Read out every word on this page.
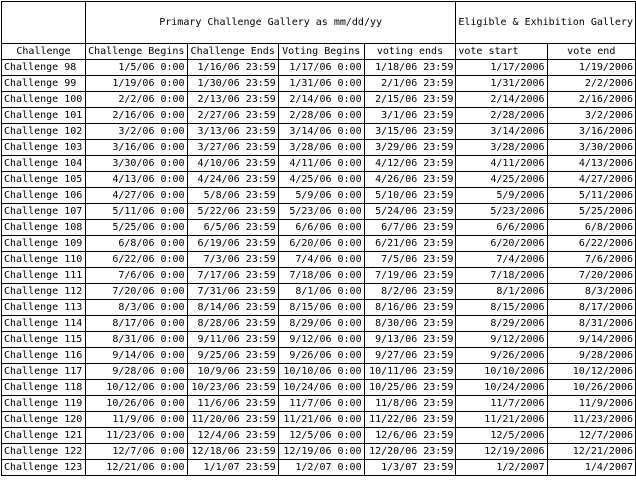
	Primary Challenge Gallery as mm/dd/yy				Eligible & Exhibition Gallery	
Challenge	Challenge Begins	Challenge Ends	Voting Begins	voting ends	vote start	vote end
Challenge 98	1/5/06 0:00	1/16/06 23:59	1/17/06 0:00	1/18/06 23:59	1/17/2006	1/19/2006
Challenge 99	1/19/06 0:00	1/30/06 23:59	1/31/06 0:00	2/1/06 23:59	1/31/2006	2/2/2006
Challenge 100	2/2/06 0:00	2/13/06 23:59	2/14/06 0:00	2/15/06 23:59	2/14/2006	2/16/2006
Challenge 101	2/16/06 0:00	2/27/06 23:59	2/28/06 0:00	3/1/06 23:59	2/28/2006	3/2/2006
Challenge 102	3/2/06 0:00	3/13/06 23:59	3/14/06 0:00	3/15/06 23:59	3/14/2006	3/16/2006
Challenge 103	3/16/06 0:00	3/27/06 23:59	3/28/06 0:00	3/29/06 23:59	3/28/2006	3/30/2006
Challenge 104	3/30/06 0:00	4/10/06 23:59	4/11/06 0:00	4/12/06 23:59	4/11/2006	4/13/2006
Challenge 105	4/13/06 0:00	4/24/06 23:59	4/25/06 0:00	4/26/06 23:59	4/25/2006	4/27/2006
Challenge 106	4/27/06 0:00	5/8/06 23:59	5/9/06 0:00	5/10/06 23:59	5/9/2006	5/11/2006
Challenge 107	5/11/06 0:00	5/22/06 23:59	5/23/06 0:00	5/24/06 23:59	5/23/2006	5/25/2006
Challenge 108	5/25/06 0:00	6/5/06 23:59	6/6/06 0:00	6/7/06 23:59	6/6/2006	6/8/2006
Challenge 109	6/8/06 0:00	6/19/06 23:59	6/20/06 0:00	6/21/06 23:59	6/20/2006	6/22/2006
Challenge 110	6/22/06 0:00	7/3/06 23:59	7/4/06 0:00	7/5/06 23:59	7/4/2006	7/6/2006
Challenge 111	7/6/06 0:00	7/17/06 23:59	7/18/06 0:00	7/19/06 23:59	7/18/2006	7/20/2006
Challenge 112	7/20/06 0:00	7/31/06 23:59	8/1/06 0:00	8/2/06 23:59	8/1/2006	8/3/2006
Challenge 113	8/3/06 0:00	8/14/06 23:59	8/15/06 0:00	8/16/06 23:59	8/15/2006	8/17/2006
Challenge 114	8/17/06 0:00	8/28/06 23:59	8/29/06 0:00	8/30/06 23:59	8/29/2006	8/31/2006
Challenge 115	8/31/06 0:00	9/11/06 23:59	9/12/06 0:00	9/13/06 23:59	9/12/2006	9/14/2006
Challenge 116	9/14/06 0:00	9/25/06 23:59	9/26/06 0:00	9/27/06 23:59	9/26/2006	9/28/2006
Challenge 117	9/28/06 0:00	10/9/06 23:59	10/10/06 0:00	10/11/06 23:59	10/10/2006	10/12/2006
Challenge 118	10/12/06 0:00	10/23/06 23:59	10/24/06 0:00	10/25/06 23:59	10/24/2006	10/26/2006
Challenge 119	10/26/06 0:00	11/6/06 23:59	11/7/06 0:00	11/8/06 23:59	11/7/2006	11/9/2006
Challenge 120	11/9/06 0:00	11/20/06 23:59	11/21/06 0:00	11/22/06 23:59	11/21/2006	11/23/2006
Challenge 121	11/23/06 0:00	12/4/06 23:59	12/5/06 0:00	12/6/06 23:59	12/5/2006	12/7/2006
Challenge 122	12/7/06 0:00	12/18/06 23:59	12/19/06 0:00	12/20/06 23:59	12/19/2006	12/21/2006
Challenge 123	12/21/06 0:00	1/1/07 23:59	1/2/07 0:00	1/3/07 23:59	1/2/2007	1/4/2007
